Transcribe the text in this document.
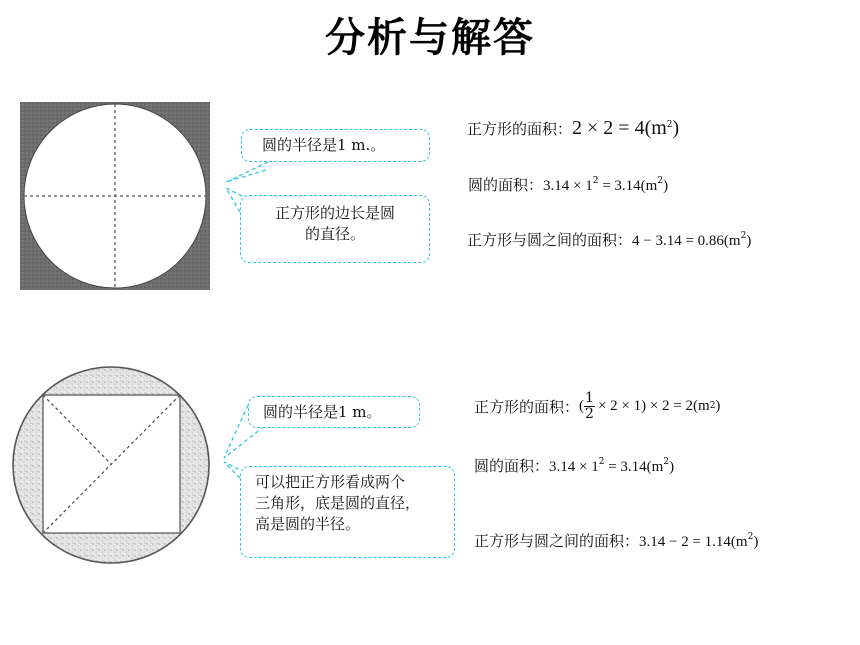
分析与解答
圆的半径是1 m.。
正方形的边长是圆
的直径。
正方形的面积：$2 \times 2 = 4(m^2)$
圆的面积：$3.14 \times 1^2 = 3.14(m^2)$
正方形与圆之间的面积：$4 - 3.14 = 0.86(m^2)$
圆的半径是1 m。
可以把正方形看成两个
三角形，底是圆的直径，
高是圆的半径。
正方形的面积： ( $\frac{1}{2} \times 2 \times 1) \times 2 = 2(m$ 2 )
圆的面积：$3.14 \times 1^2 = 3.14(m^2)$
正方形与圆之间的面积：$3.14 - 2 = 1.14(m^2)$
